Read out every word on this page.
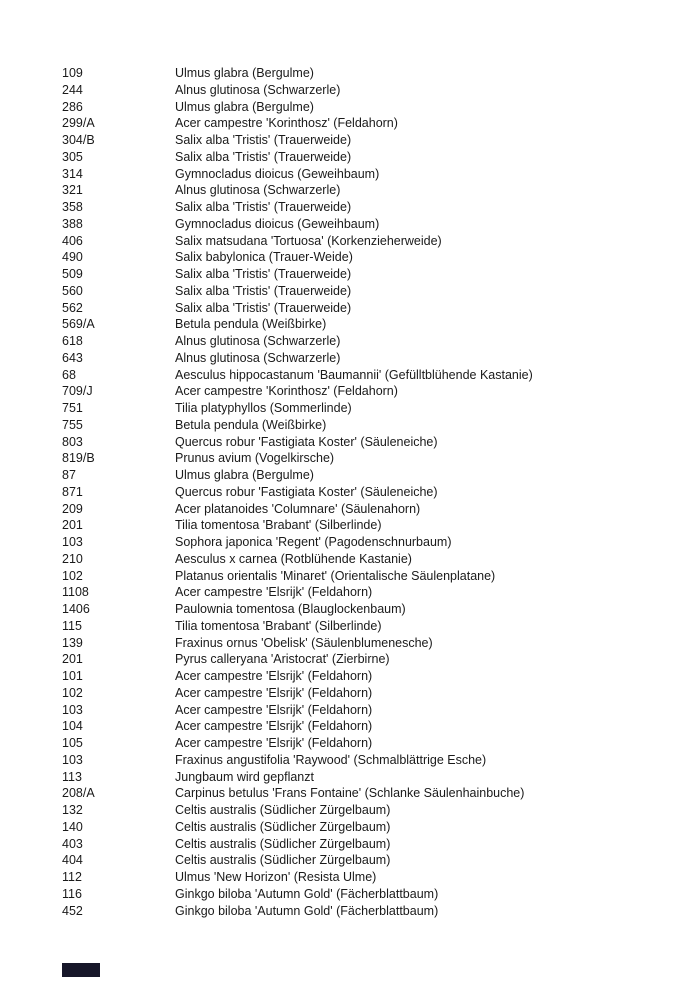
109	Ulmus glabra (Bergulme)
244	Alnus glutinosa (Schwarzerle)
286	Ulmus glabra (Bergulme)
299/A	Acer campestre 'Korinthosz' (Feldahorn)
304/B	Salix alba 'Tristis' (Trauerweide)
305	Salix alba 'Tristis' (Trauerweide)
314	Gymnocladus dioicus (Geweihbaum)
321	Alnus glutinosa (Schwarzerle)
358	Salix alba 'Tristis' (Trauerweide)
388	Gymnocladus dioicus (Geweihbaum)
406	Salix matsudana 'Tortuosa' (Korkenzieherweide)
490	Salix babylonica (Trauer-Weide)
509	Salix alba 'Tristis' (Trauerweide)
560	Salix alba 'Tristis' (Trauerweide)
562	Salix alba 'Tristis' (Trauerweide)
569/A	Betula pendula (Weißbirke)
618	Alnus glutinosa (Schwarzerle)
643	Alnus glutinosa (Schwarzerle)
68	Aesculus hippocastanum 'Baumannii' (Gefülltblühende Kastanie)
709/J	Acer campestre 'Korinthosz' (Feldahorn)
751	Tilia platyphyllos (Sommerlinde)
755	Betula pendula (Weißbirke)
803	Quercus robur 'Fastigiata Koster' (Säuleneiche)
819/B	Prunus avium (Vogelkirsche)
87	Ulmus glabra (Bergulme)
871	Quercus robur 'Fastigiata Koster' (Säuleneiche)
209	Acer platanoides 'Columnare' (Säulenahorn)
201	Tilia tomentosa 'Brabant' (Silberlinde)
103	Sophora japonica 'Regent' (Pagodenschnurbaum)
210	Aesculus x carnea (Rotblühende Kastanie)
102	Platanus orientalis 'Minaret' (Orientalische Säulenplatane)
1108	Acer campestre 'Elsrijk' (Feldahorn)
1406	Paulownia tomentosa (Blauglockenbaum)
115	Tilia tomentosa 'Brabant' (Silberlinde)
139	Fraxinus ornus 'Obelisk' (Säulenblumenesche)
201	Pyrus calleryana 'Aristocrat' (Zierbirne)
101	Acer campestre 'Elsrijk' (Feldahorn)
102	Acer campestre 'Elsrijk' (Feldahorn)
103	Acer campestre 'Elsrijk' (Feldahorn)
104	Acer campestre 'Elsrijk' (Feldahorn)
105	Acer campestre 'Elsrijk' (Feldahorn)
103	Fraxinus angustifolia 'Raywood' (Schmalblättrige Esche)
113	Jungbaum wird gepflanzt
208/A	Carpinus betulus 'Frans Fontaine' (Schlanke Säulenhainbuche)
132	Celtis australis (Südlicher Zürgelbaum)
140	Celtis australis (Südlicher Zürgelbaum)
403	Celtis australis (Südlicher Zürgelbaum)
404	Celtis australis (Südlicher Zürgelbaum)
112	Ulmus 'New Horizon' (Resista Ulme)
116	Ginkgo biloba 'Autumn Gold' (Fächerblattbaum)
452	Ginkgo biloba 'Autumn Gold' (Fächerblattbaum)
